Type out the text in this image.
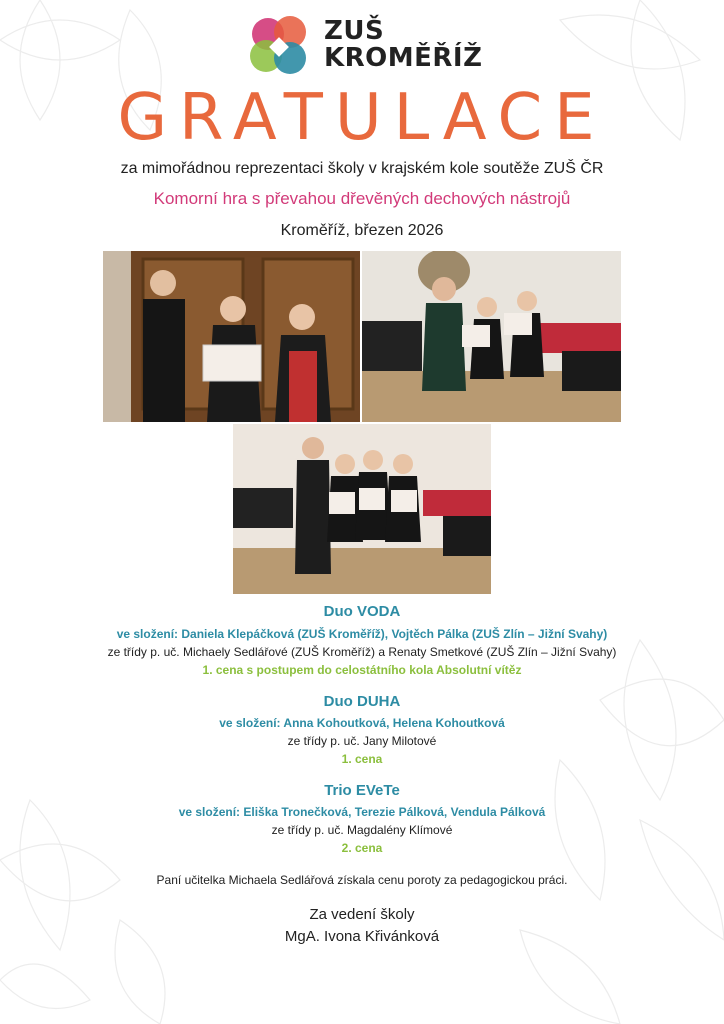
ZUŠ
KROMĚŘÍŽ
GRATULACE
za mimořádnou reprezentaci školy v krajském kole soutěže ZUŠ ČR
Komorní hra s převahou dřevěných dechových nástrojů
Kroměříž, březen 2026
Duo VODA
ve složení: Daniela Klepáčková (ZUŠ Kroměříž), Vojtěch Pálka (ZUŠ Zlín – Jižní Svahy)
ze třídy p. uč. Michaely Sedlářové (ZUŠ Kroměříž) a Renaty Smetkové (ZUŠ Zlín – Jižní Svahy)
1. cena s postupem do celostátního kola Absolutní vítěz
Duo DUHA
ve složení: Anna Kohoutková, Helena Kohoutková
ze třídy p. uč. Jany Milotové
1. cena
Trio EVeTe
ve složení: Eliška Tronečková, Terezie Pálková, Vendula Pálková
ze třídy p. uč. Magdalény Klímové
2. cena
Paní učitelka Michaela Sedlářová získala cenu poroty za pedagogickou práci.
Za vedení školy
MgA. Ivona Křivánková
